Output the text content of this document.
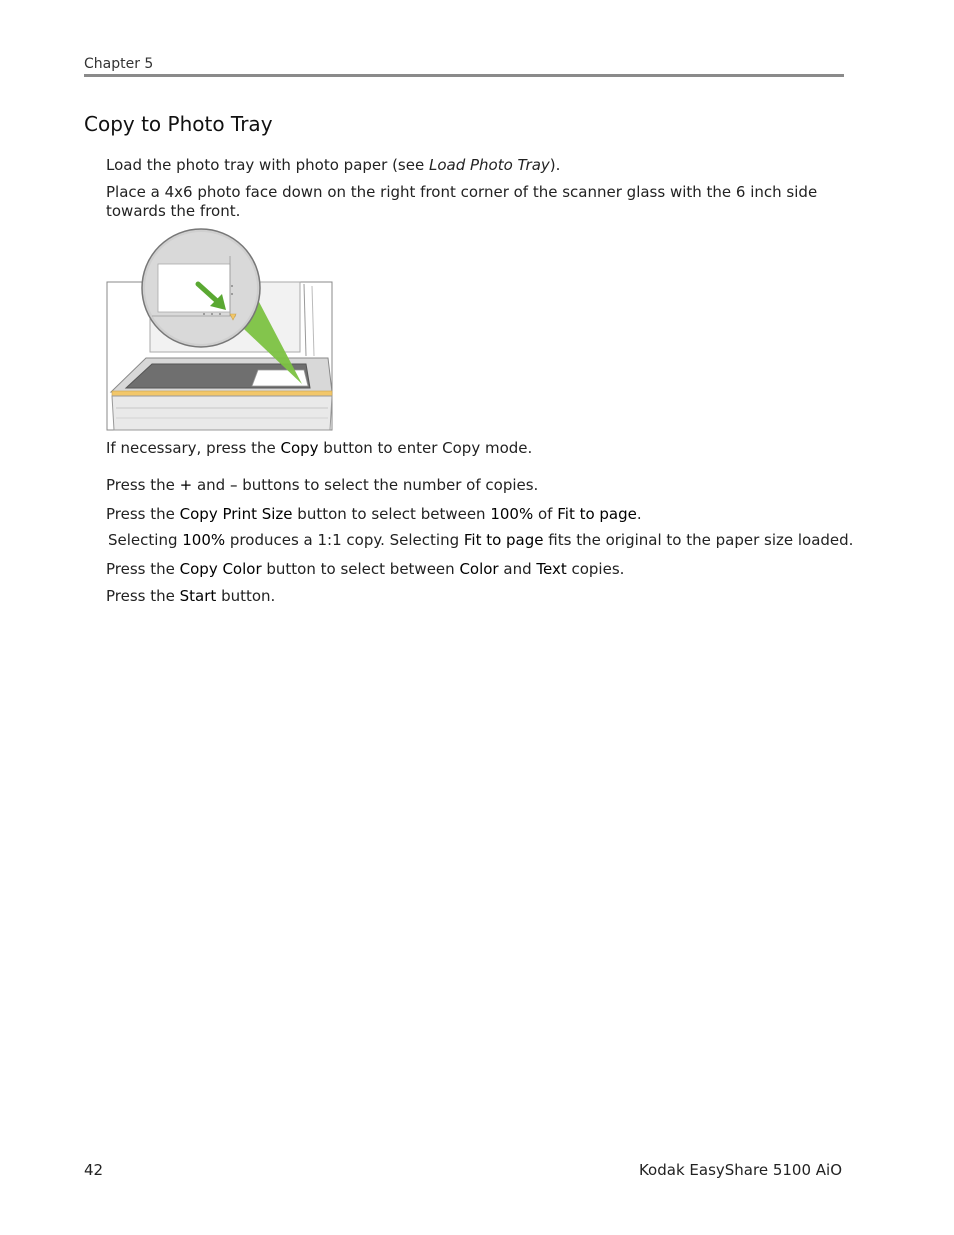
Chapter 5
Copy to Photo Tray
Load the photo tray with photo paper (see Load Photo Tray).
Place a 4x6 photo face down on the right front corner of the scanner glass with the 6 inch side towards the front.
If necessary, press the Copy button to enter Copy mode.
Press the + and – buttons to select the number of copies.
Press the Copy Print Size button to select between 100% of Fit to page.
Selecting 100% produces a 1:1 copy. Selecting Fit to page fits the original to the paper size loaded.
Press the Copy Color button to select between Color and Text copies.
Press the Start button.
42	Kodak EasyShare 5100 AiO
